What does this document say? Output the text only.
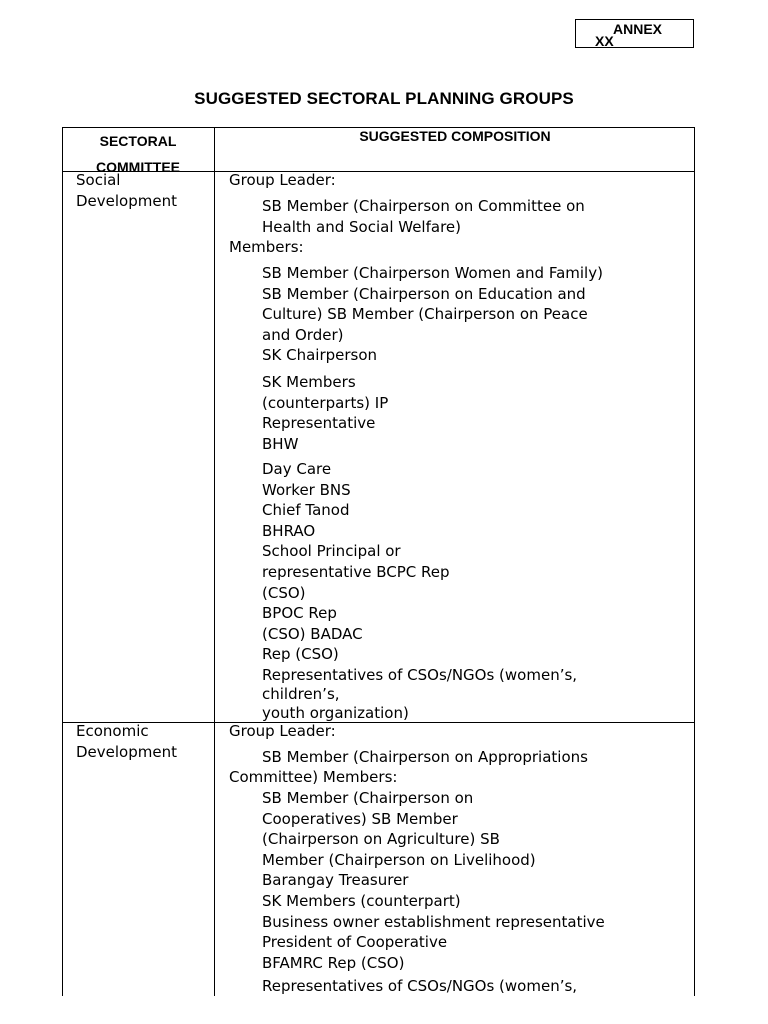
ANNEX
XX
SUGGESTED SECTORAL PLANNING GROUPS
SECTORAL
COMMITTEE
SUGGESTED COMPOSITION
Social
Development
Group Leader:
SB Member (Chairperson on Committee on
Health and Social Welfare)
Members:
SB Member (Chairperson Women and Family)
SB Member (Chairperson on Education and
Culture) SB Member (Chairperson on Peace
and Order)
SK Chairperson
SK Members
(counterparts) IP
Representative
BHW
Day Care
Worker BNS
Chief Tanod
BHRAO
School Principal or
representative BCPC Rep
(CSO)
BPOC Rep
(CSO) BADAC
Rep (CSO)
Representatives of CSOs/NGOs (women’s,
children’s,
youth organization)
Economic
Development
Group Leader:
SB Member (Chairperson on Appropriations
Committee) Members:
SB Member (Chairperson on
Cooperatives) SB Member
(Chairperson on Agriculture) SB
Member (Chairperson on Livelihood)
Barangay Treasurer
SK Members (counterpart)
Business owner establishment representative
President of Cooperative
BFAMRC Rep (CSO)
Representatives of CSOs/NGOs (women’s,
